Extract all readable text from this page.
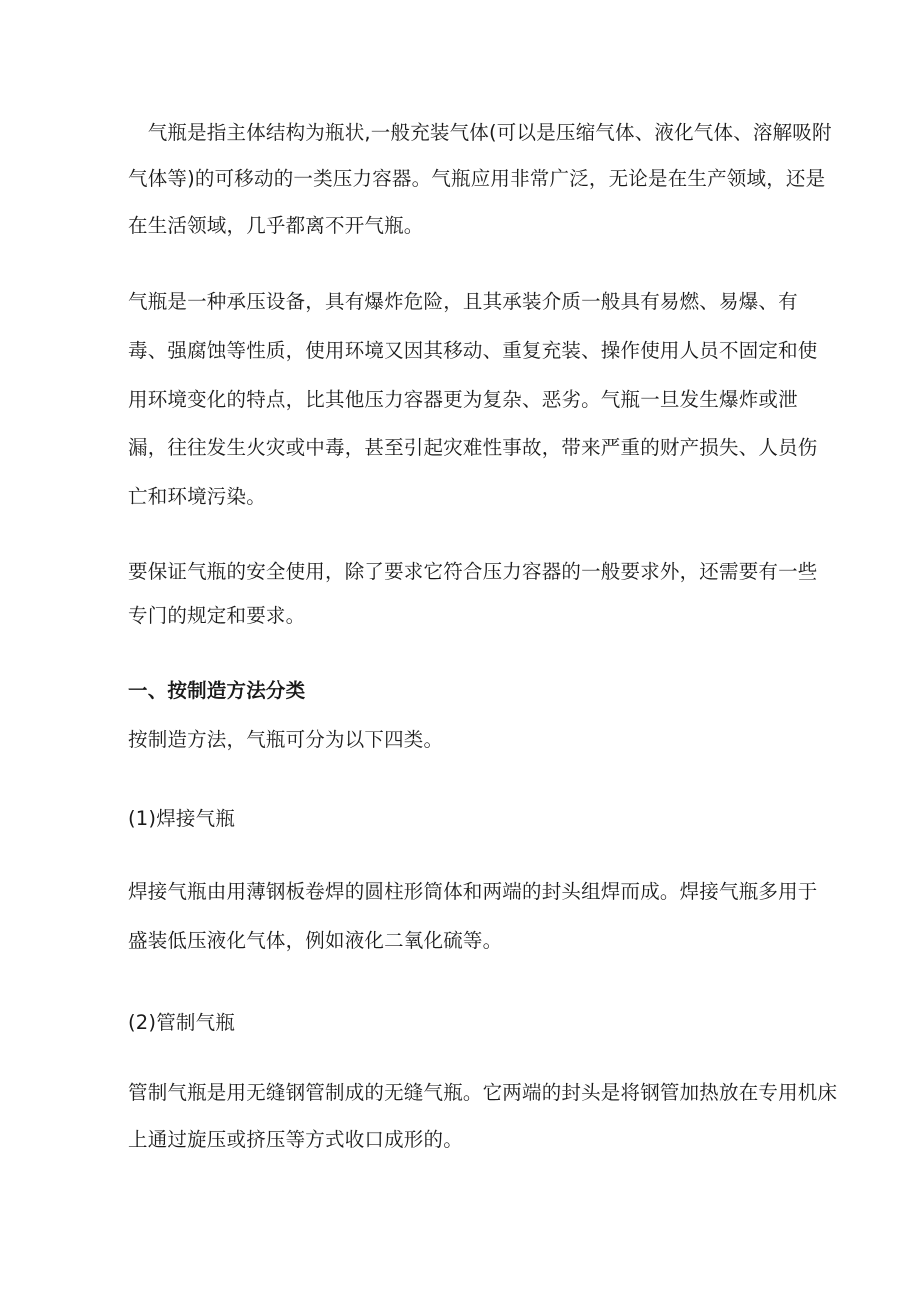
　气瓶是指主体结构为瓶状,一般充装气体(可以是压缩气体、液化气体、溶解吸附
气体等)的可移动的一类压力容器。气瓶应用非常广泛，无论是在生产领域，还是
在生活领域，几乎都离不开气瓶。
气瓶是一种承压设备，具有爆炸危险，且其承装介质一般具有易燃、易爆、有
毒、强腐蚀等性质，使用环境又因其移动、重复充装、操作使用人员不固定和使
用环境变化的特点，比其他压力容器更为复杂、恶劣。气瓶一旦发生爆炸或泄
漏，往往发生火灾或中毒，甚至引起灾难性事故，带来严重的财产损失、人员伤
亡和环境污染。
要保证气瓶的安全使用，除了要求它符合压力容器的一般要求外，还需要有一些
专门的规定和要求。
一、按制造方法分类
按制造方法，气瓶可分为以下四类。
(1)焊接气瓶
焊接气瓶由用薄钢板卷焊的圆柱形筒体和两端的封头组焊而成。焊接气瓶多用于
盛装低压液化气体，例如液化二氧化硫等。
(2)管制气瓶
管制气瓶是用无缝钢管制成的无缝气瓶。它两端的封头是将钢管加热放在专用机床
上通过旋压或挤压等方式收口成形的。
